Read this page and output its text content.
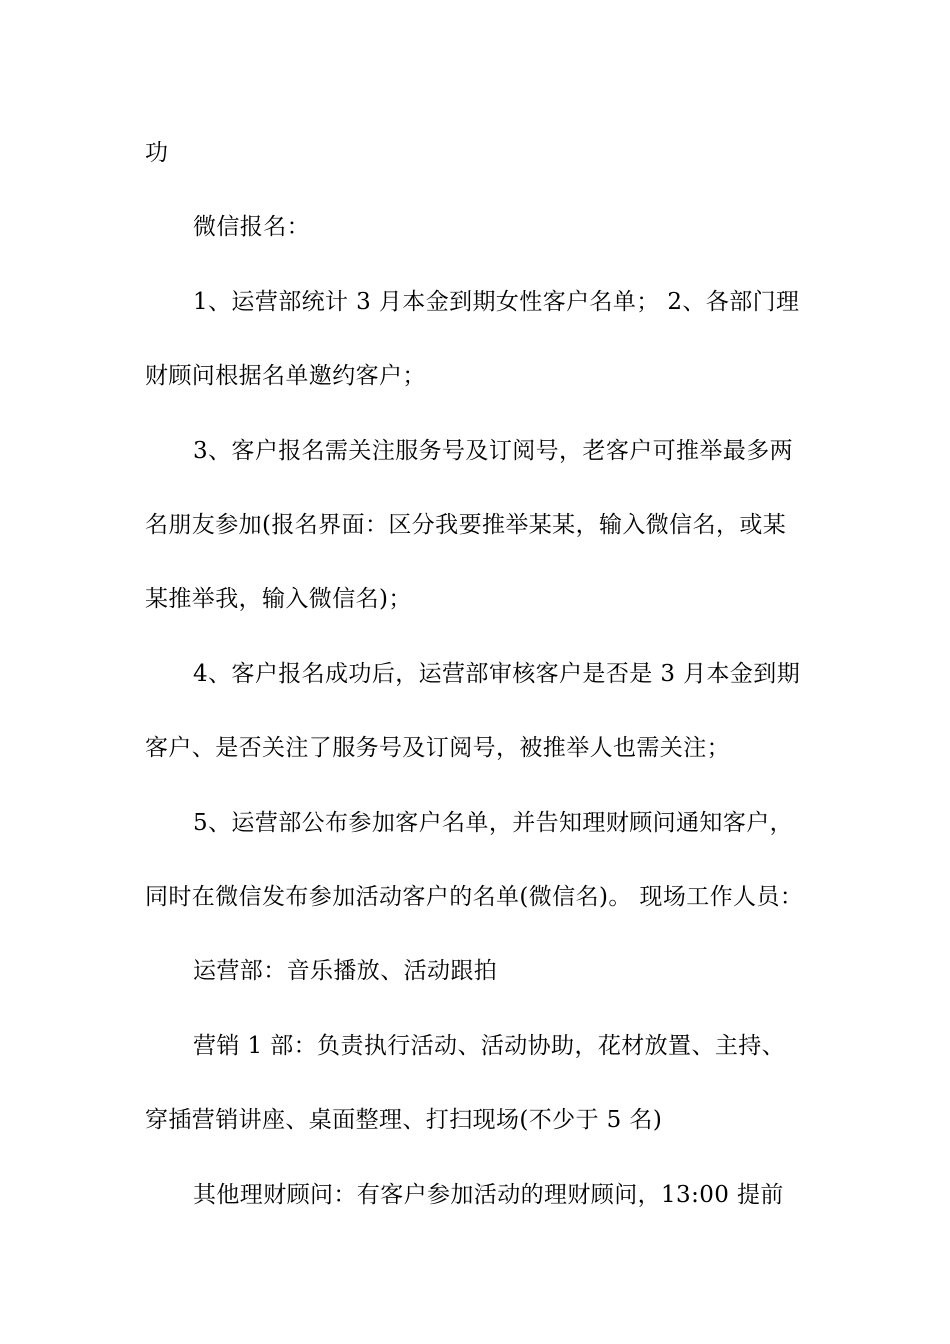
功
微信报名：
1、运营部统计 3 月本金到期女性客户名单； 2、各部门理
财顾问根据名单邀约客户；
3、客户报名需关注服务号及订阅号，老客户可推举最多两
名朋友参加(报名界面：区分我要推举某某，输入微信名，或某
某推举我，输入微信名)；
4、客户报名成功后，运营部审核客户是否是 3 月本金到期
客户、是否关注了服务号及订阅号，被推举人也需关注；
5、运营部公布参加客户名单，并告知理财顾问通知客户，
同时在微信发布参加活动客户的名单(微信名)。 现场工作人员：
运营部：音乐播放、活动跟拍
营销 1 部：负责执行活动、活动协助，花材放置、主持、
穿插营销讲座、桌面整理、打扫现场(不少于 5 名)
其他理财顾问：有客户参加活动的理财顾问，13:00 提前
